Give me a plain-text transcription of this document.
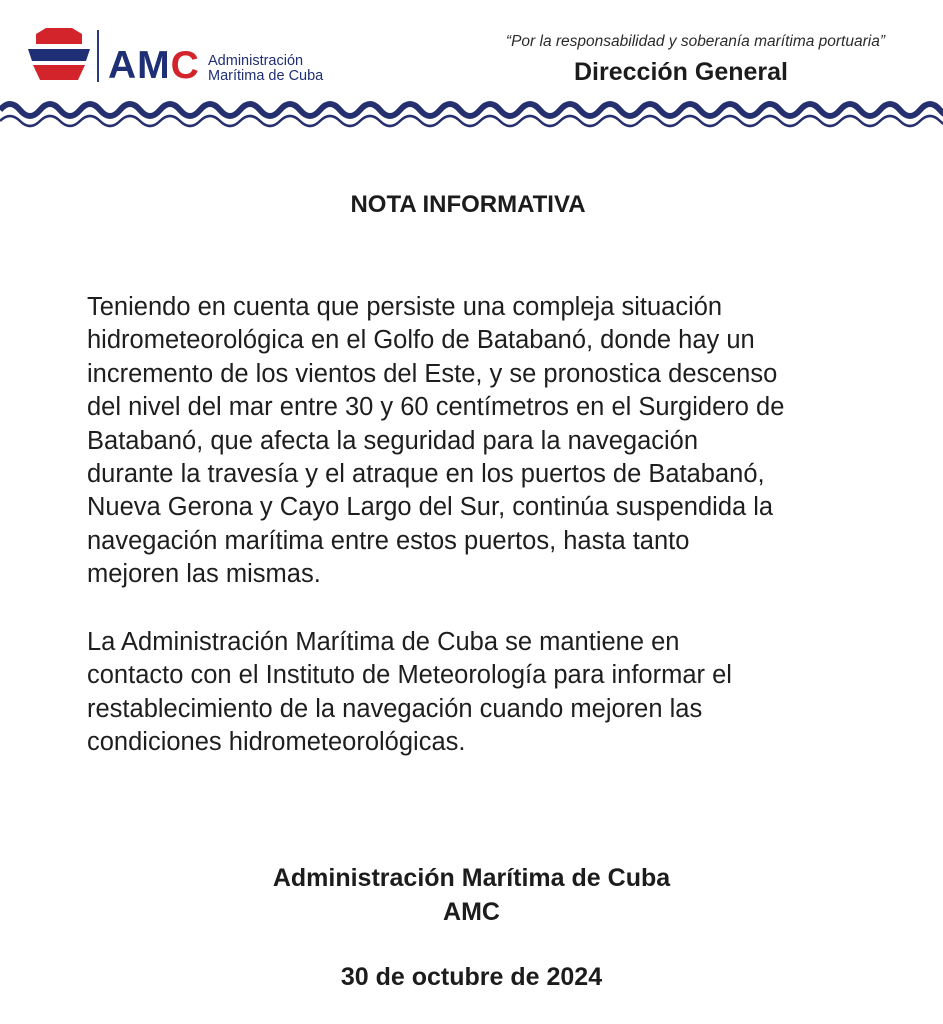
AMC Administración
Marítima de Cuba
“Por la responsabilidad y soberanía marítima portuaria”
Dirección General
NOTA INFORMATIVA

Teniendo en cuenta que persiste una compleja situación
hidrometeorológica en el Golfo de Batabanó, donde hay un
incremento de los vientos del Este, y se pronostica descenso
del nivel del mar entre 30 y 60 centímetros en el Surgidero de
Batabanó, que afecta la seguridad para la navegación
durante la travesía y el atraque en los puertos de Batabanó,
Nueva Gerona y Cayo Largo del Sur, continúa suspendida la
navegación marítima entre estos puertos, hasta tanto
mejoren las mismas.

La Administración Marítima de Cuba se mantiene en
contacto con el Instituto de Meteorología para informar el
restablecimiento de la navegación cuando mejoren las
condiciones hidrometeorológicas.

Administración Marítima de Cuba
AMC
30 de octubre de 2024
